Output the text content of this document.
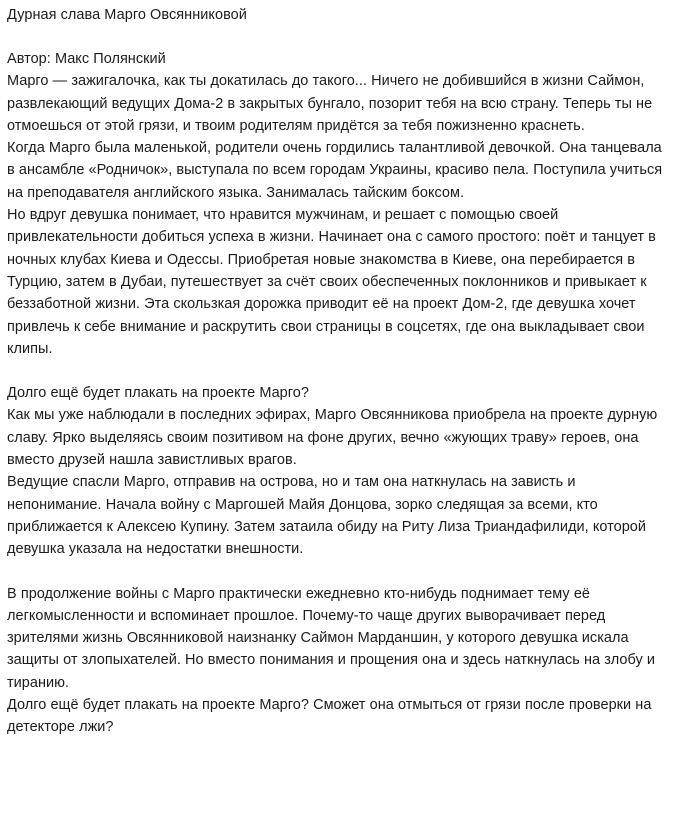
Дурная слава Марго Овсянниковой
Автор: Макс Полянский
Марго — зажигалочка, как ты докатилась до такого... Ничего не добившийся в жизни Саймон, развлекающий ведущих Дома-2 в закрытых бунгало, позорит тебя на всю страну. Теперь ты не отмоешься от этой грязи, и твоим родителям придётся за тебя пожизненно краснеть.
Когда Марго была маленькой, родители очень гордились талантливой девочкой. Она танцевала в ансамбле «Родничок», выступала по всем городам Украины, красиво пела. Поступила учиться на преподавателя английского языка. Занималась тайским боксом.
Но вдруг девушка понимает, что нравится мужчинам, и решает с помощью своей привлекательности добиться успеха в жизни. Начинает она с самого простого: поёт и танцует в ночных клубах Киева и Одессы. Приобретая новые знакомства в Киеве, она перебирается в Турцию, затем в Дубаи, путешествует за счёт своих обеспеченных поклонников и привыкает к беззаботной жизни. Эта скользкая дорожка приводит её на проект Дом-2, где девушка хочет привлечь к себе внимание и раскрутить свои страницы в соцсетях, где она выкладывает свои клипы.
Долго ещё будет плакать на проекте Марго?
Как мы уже наблюдали в последних эфирах, Марго Овсянникова приобрела на проекте дурную славу. Ярко выделяясь своим позитивом на фоне других, вечно «жующих траву» героев, она вместо друзей нашла завистливых врагов.
Ведущие спасли Марго, отправив на острова, но и там она наткнулась на зависть и непонимание. Начала войну с Маргошей Майя Донцова, зорко следящая за всеми, кто приближается к Алексею Купину. Затем затаила обиду на Риту Лиза Триандафилиди, которой девушка указала на недостатки внешности.
В продолжение войны с Марго практически ежедневно кто-нибудь поднимает тему её легкомысленности и вспоминает прошлое. Почему-то чаще других выворачивает перед зрителями жизнь Овсянниковой наизнанку Саймон Марданшин, у которого девушка искала защиты от злопыхателей. Но вместо понимания и прощения она и здесь наткнулась на злобу и тиранию.
Долго ещё будет плакать на проекте Марго? Сможет она отмыться от грязи после проверки на детекторе лжи?
